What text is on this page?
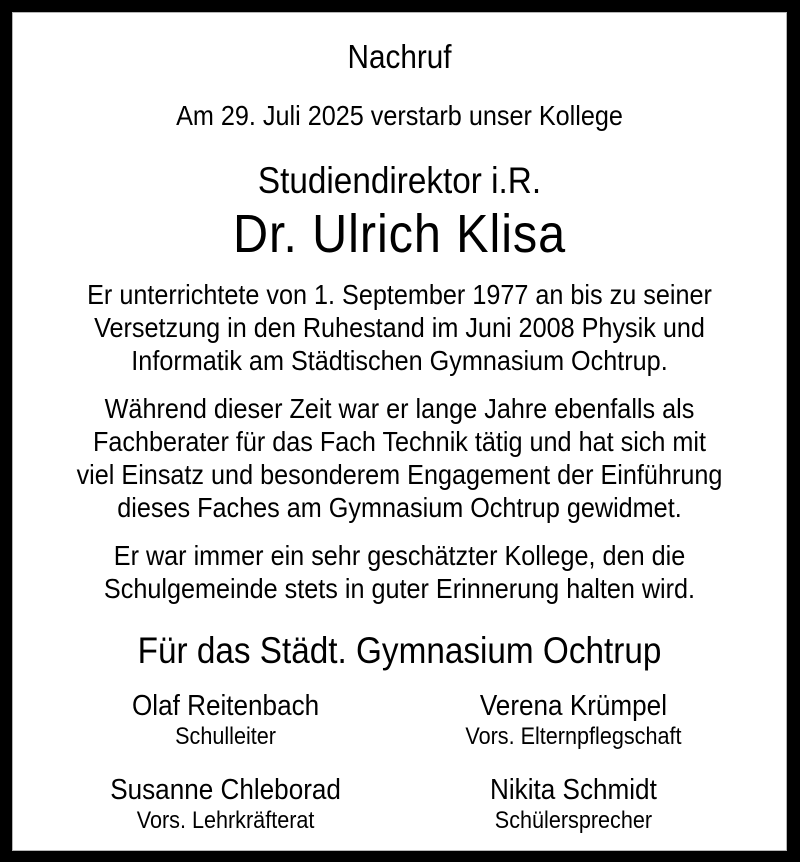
Nachruf
Am 29. Juli 2025 verstarb unser Kollege
Studiendirektor i.R.
Dr. Ulrich Klisa
Er unterrichtete von 1. September 1977 an bis zu seiner
Versetzung in den Ruhestand im Juni 2008 Physik und
Informatik am Städtischen Gymnasium Ochtrup.
Während dieser Zeit war er lange Jahre ebenfalls als
Fachberater für das Fach Technik tätig und hat sich mit
viel Einsatz und besonderem Engagement der Einführung
dieses Faches am Gymnasium Ochtrup gewidmet.
Er war immer ein sehr geschätzter Kollege, den die
Schulgemeinde stets in guter Erinnerung halten wird.
Für das Städt. Gymnasium Ochtrup
Olaf Reitenbach
Schulleiter
Verena Krümpel
Vors. Elternpflegschaft
Susanne Chleborad
Vors. Lehrkräfterat
Nikita Schmidt
Schülersprecher
